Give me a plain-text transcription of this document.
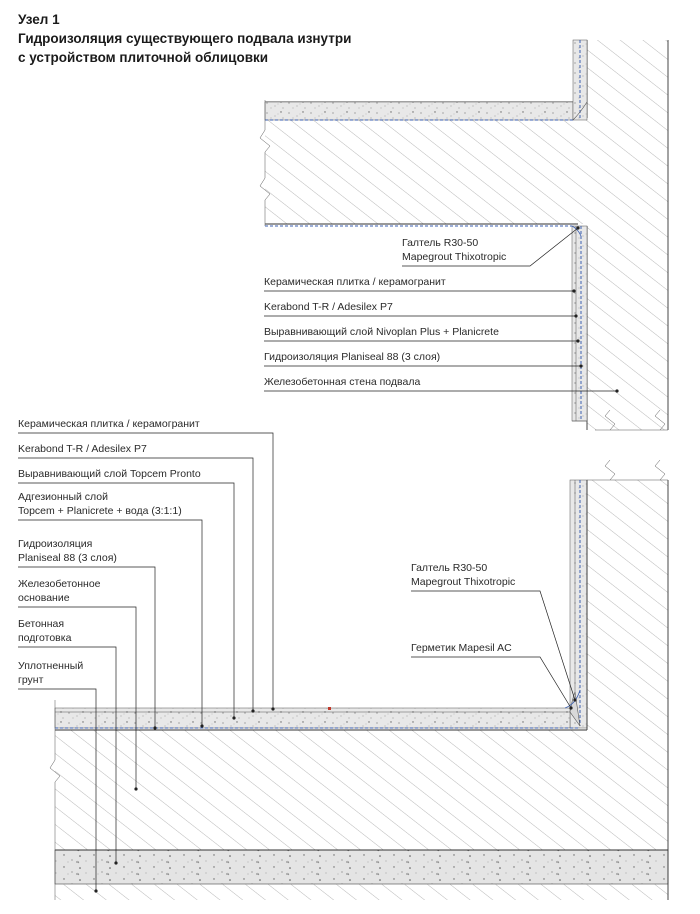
Узел 1
Гидроизоляция существующего подвала изнутри
с устройством плиточной облицовки
Галтель R30-50
Mapegrout Thixotropic
Керамическая плитка / керамогранит
Kerabond T-R / Adesilex P7
Выравнивающий слой Nivoplan Plus + Planicrete
Гидроизоляция Planiseal 88 (3 слоя)
Железобетонная стена подвала
Керамическая плитка / керамогранит
Kerabond T-R / Adesilex P7
Выравнивающий слой Topcem Pronto
Адгезионный слой
Topcem + Planicrete + вода (3:1:1)
Гидроизоляция
Planiseal 88 (3 слоя)
Железобетонное
основание
Бетонная
подготовка
Уплотненный
грунт
Галтель R30-50
Mapegrout Thixotropic
Герметик Mapesil AC
